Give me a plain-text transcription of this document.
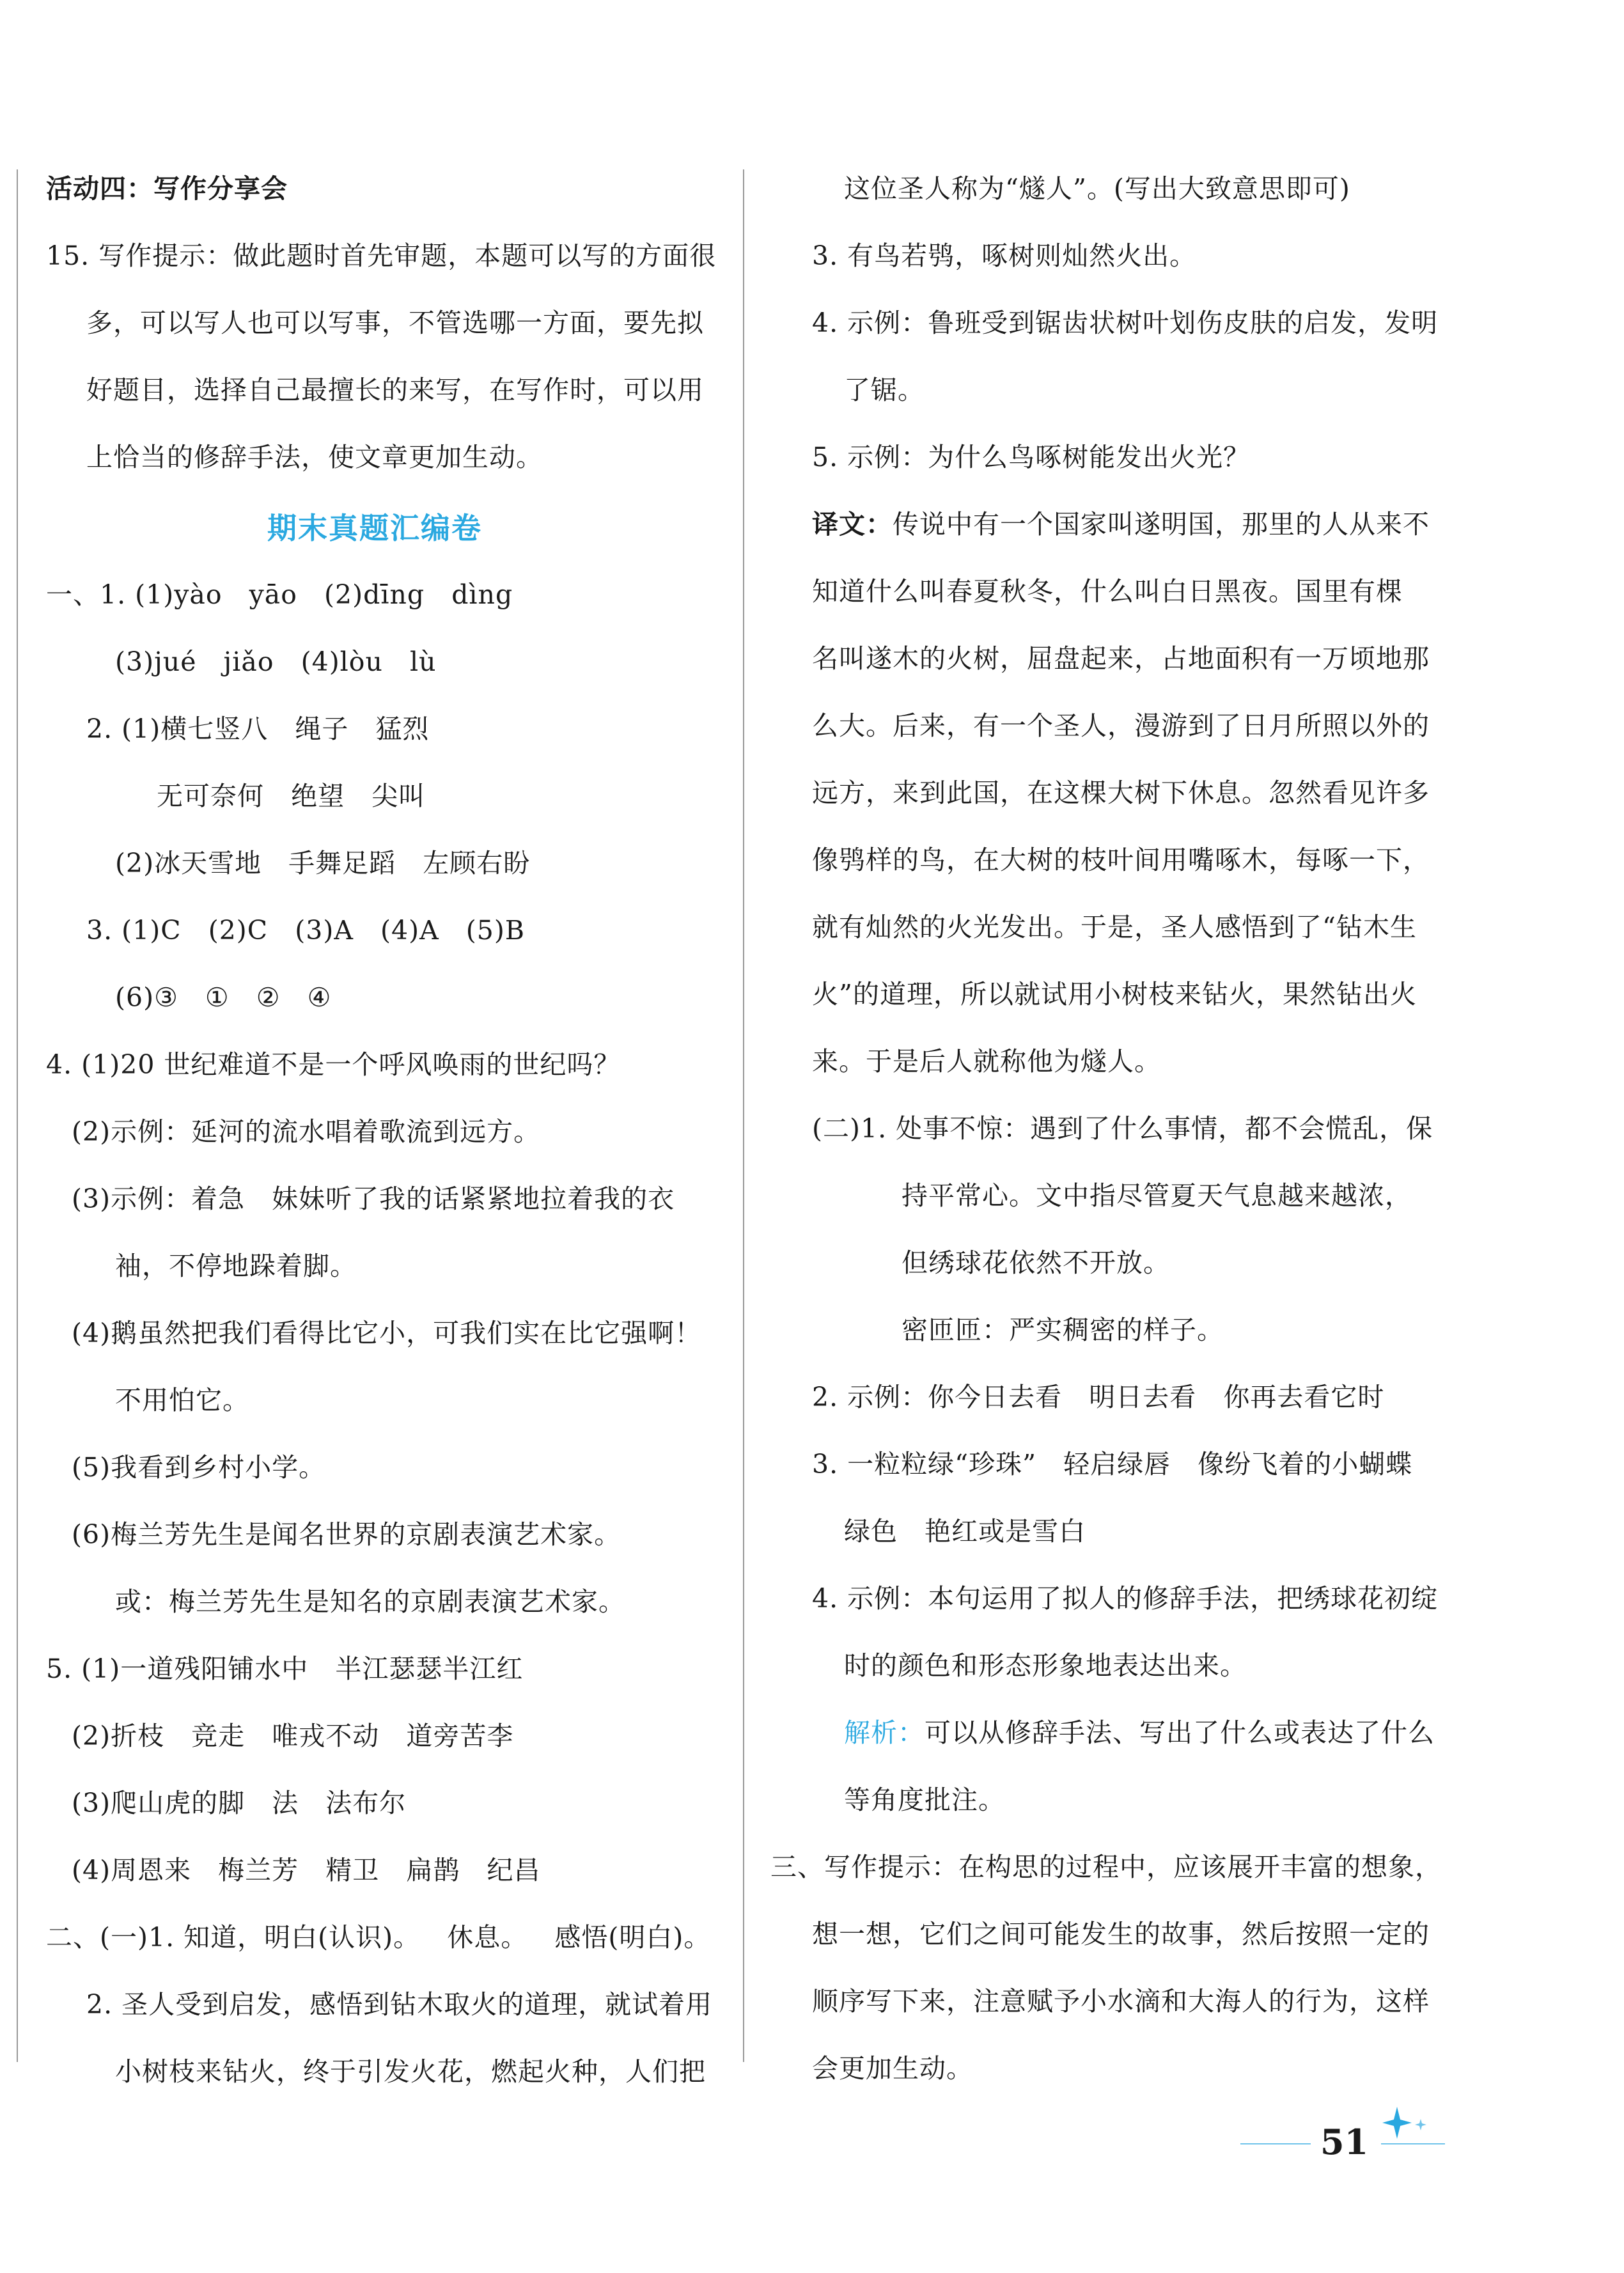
活动四：写作分享会
15. 写作提示：做此题时首先审题，本题可以写的方面很
多，可以写人也可以写事，不管选哪一方面，要先拟
好题目，选择自己最擅长的来写，在写作时，可以用
上恰当的修辞手法，使文章更加生动。
期末真题汇编卷
一、1. (1)yào   yāo   (2)dīng   dìng
(3)jué   jiǎo   (4)lòu   lù
2. (1)横七竖八   绳子   猛烈
无可奈何   绝望   尖叫
(2)冰天雪地   手舞足蹈   左顾右盼
3. (1)C   (2)C   (3)A   (4)A   (5)B
(6)③   ①   ②   ④
4. (1)20 世纪难道不是一个呼风唤雨的世纪吗？
(2)示例：延河的流水唱着歌流到远方。
(3)示例：着急   妹妹听了我的话紧紧地拉着我的衣
袖，不停地跺着脚。
(4)鹅虽然把我们看得比它小，可我们实在比它强啊！
不用怕它。
(5)我看到乡村小学。
(6)梅兰芳先生是闻名世界的京剧表演艺术家。
或：梅兰芳先生是知名的京剧表演艺术家。
5. (1)一道残阳铺水中   半江瑟瑟半江红
(2)折枝   竞走   唯戎不动   道旁苦李
(3)爬山虎的脚   法   法布尔
(4)周恩来   梅兰芳   精卫   扁鹊   纪昌
二、(一)1. 知道，明白(认识)。   休息。   感悟(明白)。
2. 圣人受到启发，感悟到钻木取火的道理，就试着用
小树枝来钻火，终于引发火花，燃起火种，人们把
这位圣人称为“燧人”。(写出大致意思即可)
3. 有鸟若鸮，啄树则灿然火出。
4. 示例：鲁班受到锯齿状树叶划伤皮肤的启发，发明
了锯。
5. 示例：为什么鸟啄树能发出火光？
译文：传说中有一个国家叫遂明国，那里的人从来不
知道什么叫春夏秋冬，什么叫白日黑夜。国里有棵
名叫遂木的火树，屈盘起来，占地面积有一万顷地那
么大。后来，有一个圣人，漫游到了日月所照以外的
远方，来到此国，在这棵大树下休息。忽然看见许多
像鸮样的鸟，在大树的枝叶间用嘴啄木，每啄一下，
就有灿然的火光发出。于是，圣人感悟到了“钻木生
火”的道理，所以就试用小树枝来钻火，果然钻出火
来。于是后人就称他为燧人。
(二)1. 处事不惊：遇到了什么事情，都不会慌乱，保
持平常心。文中指尽管夏天气息越来越浓，
但绣球花依然不开放。
密匝匝：严实稠密的样子。
2. 示例：你今日去看   明日去看   你再去看它时
3. 一粒粒绿“珍珠”   轻启绿唇   像纷飞着的小蝴蝶
绿色   艳红或是雪白
4. 示例：本句运用了拟人的修辞手法，把绣球花初绽
时的颜色和形态形象地表达出来。
解析：可以从修辞手法、写出了什么或表达了什么
等角度批注。
三、写作提示：在构思的过程中，应该展开丰富的想象，
想一想，它们之间可能发生的故事，然后按照一定的
顺序写下来，注意赋予小水滴和大海人的行为，这样
会更加生动。
51
